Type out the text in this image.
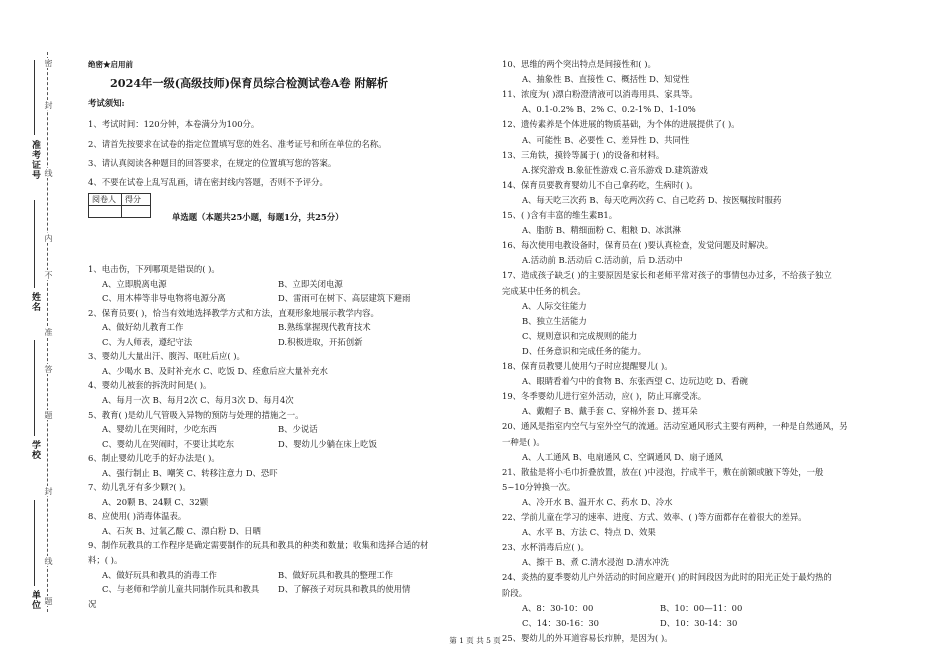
准考证号
姓名
学校
单位
密
封
线
内
不
准
答
题
封
线
题
绝密★启用前
2024年一级(高级技师)保育员综合检测试卷A卷 附解析
考试须知:
1、考试时间：120分钟，本卷满分为100分。
2、请首先按要求在试卷的指定位置填写您的姓名、准考证号和所在单位的名称。
3、请认真阅读各种题目的回答要求，在规定的位置填写您的答案。
4、不要在试卷上乱写乱画，请在密封线内答题，否则不予评分。
阅卷人	得分

单选题（本题共25小题，每题1分，共25分）
1、电击伤，下列哪项是错误的( )。
A、立即脱离电源	B、立即关闭电源
C、用木棒等非导电物将电源分离	D、雷雨可在树下、高层建筑下避雨
2、保育员要( )，恰当有效地选择教学方式和方法，直观形象地展示教学内容。
A、做好幼儿教育工作	B.熟练掌握现代教育技术
C、为人师表，遵纪守法	D.积极进取，开拓创新
3、婴幼儿大量出汗、腹泻、呕吐后应( )。
A、少喝水 B、及时补充水 C、吃饭 D、痊愈后应大量补充水
4、婴幼儿被套的拆洗时间是( )。
A、每月一次 B、每月2次 C、每月3次 D、每月4次
5、教育( )是幼儿气管吸入异物的预防与处理的措施之一。
A、婴幼儿在哭闹时，少吃东西	B、少说话
C、婴幼儿在哭闹时，不要让其吃东	D、婴幼儿少躺在床上吃饭
6、制止婴幼儿吃手的好办法是( )。
A、强行制止 B、嘲笑 C、转移注意力 D、恐吓
7、幼儿乳牙有多少颗?( )。
A、20颗 B、24颗 C、32颗
8、应使用( )消毒体温表。
A、石灰 B、过氧乙酸 C、漂白粉 D、日晒
9、制作玩教具的工作程序是确定需要制作的玩具和教具的种类和数量；收集和选择合适的材
料；( )。
A、做好玩具和教具的消毒工作	B、做好玩具和教具的整理工作
C、与老师和学前儿童共同制作玩具和教具 D、了解孩子对玩具和教具的使用情
况
10、思维的两个突出特点是间接性和( )。
A、抽象性 B、直接性 C、概括性 D、知觉性
11、浓度为( )漂白粉澄清液可以消毒用具、家具等。
A、0.1-0.2% B、2% C、0.2-1% D、1-10%
12、遗传素养是个体进展的物质基础，为个体的进展提供了( )。
A、可能性 B、必要性 C、差异性 D、共同性
13、三角铁，摸铃等属于( )的设备和材料。
A.探究游戏 B.象征性游戏 C.音乐游戏 D.建筑游戏
14、保育员要教育婴幼儿不自己拿药吃，生病时( )。
A、每天吃三次药 B、每天吃两次药 C、自己吃药 D、按医嘱按时服药
15、( )含有丰富的维生素B1。
A、脂肪 B、精细面粉 C、粗粮 D、冰淇淋
16、每次使用电教设备时，保育员在( )要认真检查，发觉问题及时解决。
A.活动前 B.活动后 C.活动前，后 D.活动中
17、造成孩子缺乏( )的主要原因是家长和老师平常对孩子的事情包办过多，不给孩子独立
完成某中任务的机会。
A、人际交往能力
B、独立生活能力
C、规则意识和完成规则的能力
D、任务意识和完成任务的能力。
18、保育员教婴儿使用勺子时应提醒婴儿( )。
A、眼睛看着勺中的食物 B、东张西望 C、边玩边吃 D、看碗
19、冬季婴幼儿进行室外活动，应( )，防止耳廓受冻。
A、戴帽子 B、戴手套 C、穿棉外套 D、搓耳朵
20、通风是指室内空气与室外空气的流通。活动室通风形式主要有两种，一种是自然通风，另
一种是( )。
A、人工通风 B、电扇通风 C、空调通风 D、扇子通风
21、散盐是将小毛巾折叠放置，放在( )中浸泡，拧成半干，敷在前额或腋下等处，一般
5~10分钟换一次。
A、冷开水 B、温开水 C、药水 D、冷水
22、学前儿童在学习的速率、进度、方式、效率、( )等方面都存在着很大的差异。
A、水平 B、方法 C、特点 D、效果
23、水杯消毒后应( )。
A、擦干 B、煮 C.清水浸泡 D.清水冲洗
24、炎热的夏季婴幼儿户外活动的时间应避开( )的时间段因为此时的阳光正处于最灼热的
阶段。
A、8：30-10：00	B、10：00—11：00
C、14：30-16：30	D、10：30-14：30
25、婴幼儿的外耳道容易长疖肿，是因为( )。
第 1 页 共 5 页
